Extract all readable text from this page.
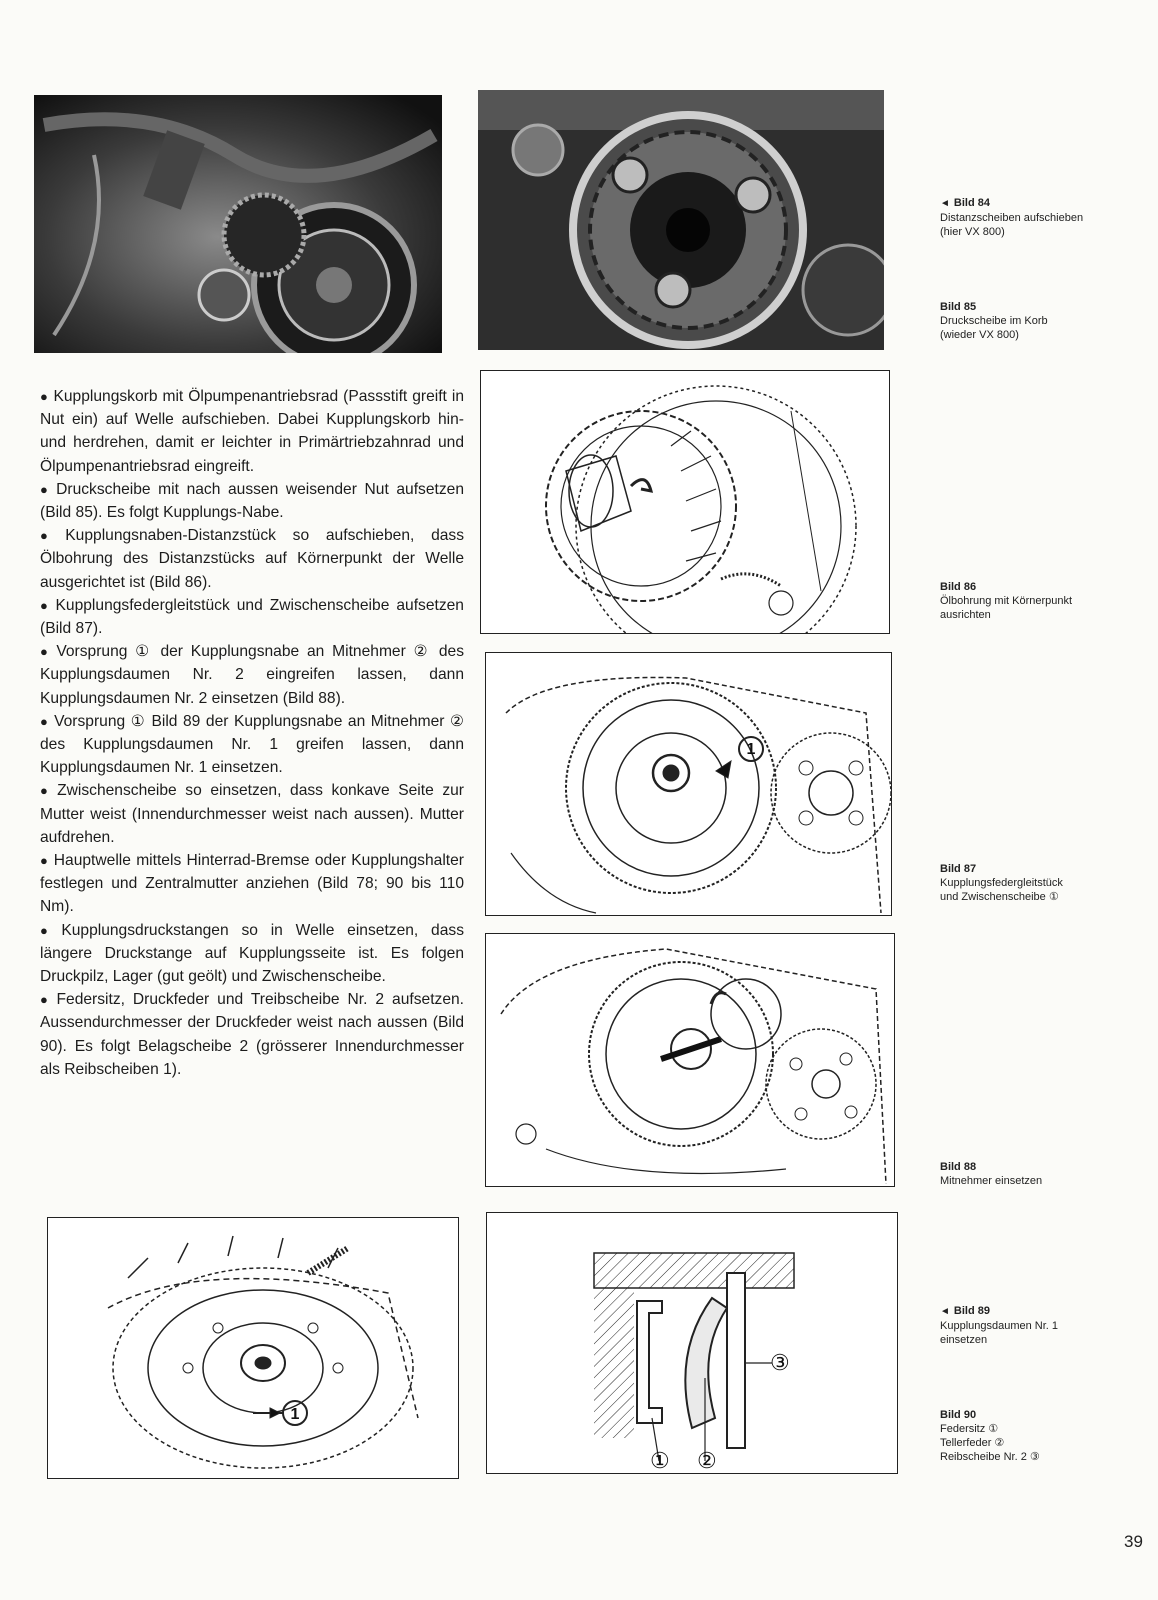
1
1
① ②
③

● Kupplungskorb mit Ölpumpenantriebsrad (Passstift greift in Nut ein) auf Welle aufschieben. Dabei Kupplungskorb hin- und herdrehen, damit er leichter in Primärtriebzahnrad und Ölpumpenantriebsrad eingreift.

● Druckscheibe mit nach aussen weisender Nut aufsetzen (Bild 85). Es folgt Kupplungs-Nabe.

● Kupplungsnaben-Distanzstück so aufschieben, dass Ölbohrung des Distanzstücks auf Körnerpunkt der Welle ausgerichtet ist (Bild 86).

● Kupplungsfedergleitstück und Zwischenscheibe aufsetzen (Bild 87).

● Vorsprung ① der Kupplungsnabe an Mitnehmer ② des Kupplungsdaumen Nr. 2 eingreifen lassen, dann Kupplungsdaumen Nr. 2 einsetzen (Bild 88).

● Vorsprung ① Bild 89 der Kupplungsnabe an Mitnehmer ② des Kupplungsdaumen Nr. 1 greifen lassen, dann Kupplungsdaumen Nr. 1 einsetzen.

● Zwischenscheibe so einsetzen, dass konkave Seite zur Mutter weist (Innendurchmesser weist nach aussen). Mutter aufdrehen.

● Hauptwelle mittels Hinterrad-Bremse oder Kupplungshalter festlegen und Zentralmutter anziehen (Bild 78; 90 bis 110 Nm).

● Kupplungsdruckstangen so in Welle einsetzen, dass längere Druckstange auf Kupplungsseite ist. Es folgen Druckpilz, Lager (gut geölt) und Zwischenscheibe.

● Federsitz, Druckfeder und Treibscheibe Nr. 2 aufsetzen. Aussendurchmesser der Druckfeder weist nach aussen (Bild 90). Es folgt Belagscheibe 2 (grösserer Innendurchmesser als Reibscheiben 1).

◄ Bild 84
Distanzscheiben aufschieben
(hier VX 800)
Bild 85
Druckscheibe im Korb
(wieder VX 800)
Bild 86
Ölbohrung mit Körnerpunkt
ausrichten
Bild 87
Kupplungsfedergleitstück
und Zwischenscheibe ①
Bild 88
Mitnehmer einsetzen
◄ Bild 89
Kupplungsdaumen Nr. 1
einsetzen
Bild 90
Federsitz ①
Tellerfeder ②
Reibscheibe Nr. 2 ③
39
